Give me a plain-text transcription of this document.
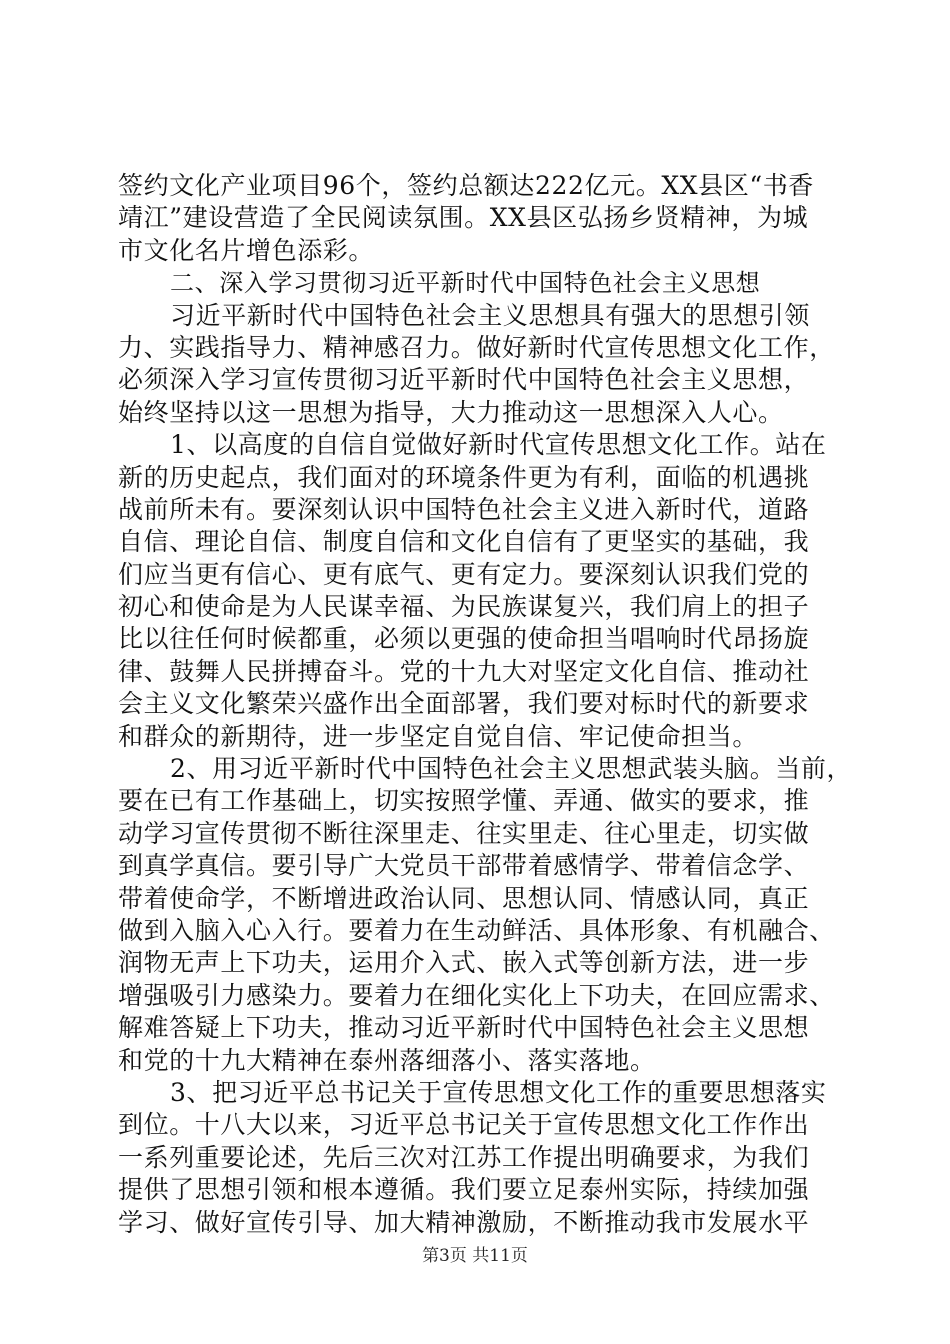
签约文化产业项目96个，签约总额达222亿元。XX县区“书香
靖江”建设营造了全民阅读氛围。XX县区弘扬乡贤精神，为城
市文化名片增色添彩。
二、深入学习贯彻习近平新时代中国特色社会主义思想
习近平新时代中国特色社会主义思想具有强大的思想引领
力、实践指导力、精神感召力。做好新时代宣传思想文化工作，
必须深入学习宣传贯彻习近平新时代中国特色社会主义思想，
始终坚持以这一思想为指导，大力推动这一思想深入人心。
1、以高度的自信自觉做好新时代宣传思想文化工作。站在
新的历史起点，我们面对的环境条件更为有利，面临的机遇挑
战前所未有。要深刻认识中国特色社会主义进入新时代，道路
自信、理论自信、制度自信和文化自信有了更坚实的基础，我
们应当更有信心、更有底气、更有定力。要深刻认识我们党的
初心和使命是为人民谋幸福、为民族谋复兴，我们肩上的担子
比以往任何时候都重，必须以更强的使命担当唱响时代昂扬旋
律、鼓舞人民拼搏奋斗。党的十九大对坚定文化自信、推动社
会主义文化繁荣兴盛作出全面部署，我们要对标时代的新要求
和群众的新期待，进一步坚定自觉自信、牢记使命担当。
2、用习近平新时代中国特色社会主义思想武装头脑。当前，
要在已有工作基础上，切实按照学懂、弄通、做实的要求，推
动学习宣传贯彻不断往深里走、往实里走、往心里走，切实做
到真学真信。要引导广大党员干部带着感情学、带着信念学、
带着使命学，不断增进政治认同、思想认同、情感认同，真正
做到入脑入心入行。要着力在生动鲜活、具体形象、有机融合、
润物无声上下功夫，运用介入式、嵌入式等创新方法，进一步
增强吸引力感染力。要着力在细化实化上下功夫，在回应需求、
解难答疑上下功夫，推动习近平新时代中国特色社会主义思想
和党的十九大精神在泰州落细落小、落实落地。
3、把习近平总书记关于宣传思想文化工作的重要思想落实
到位。十八大以来，习近平总书记关于宣传思想文化工作作出
一系列重要论述，先后三次对江苏工作提出明确要求，为我们
提供了思想引领和根本遵循。我们要立足泰州实际，持续加强
学习、做好宣传引导、加大精神激励，不断推动我市发展水平
第3页 共11页
